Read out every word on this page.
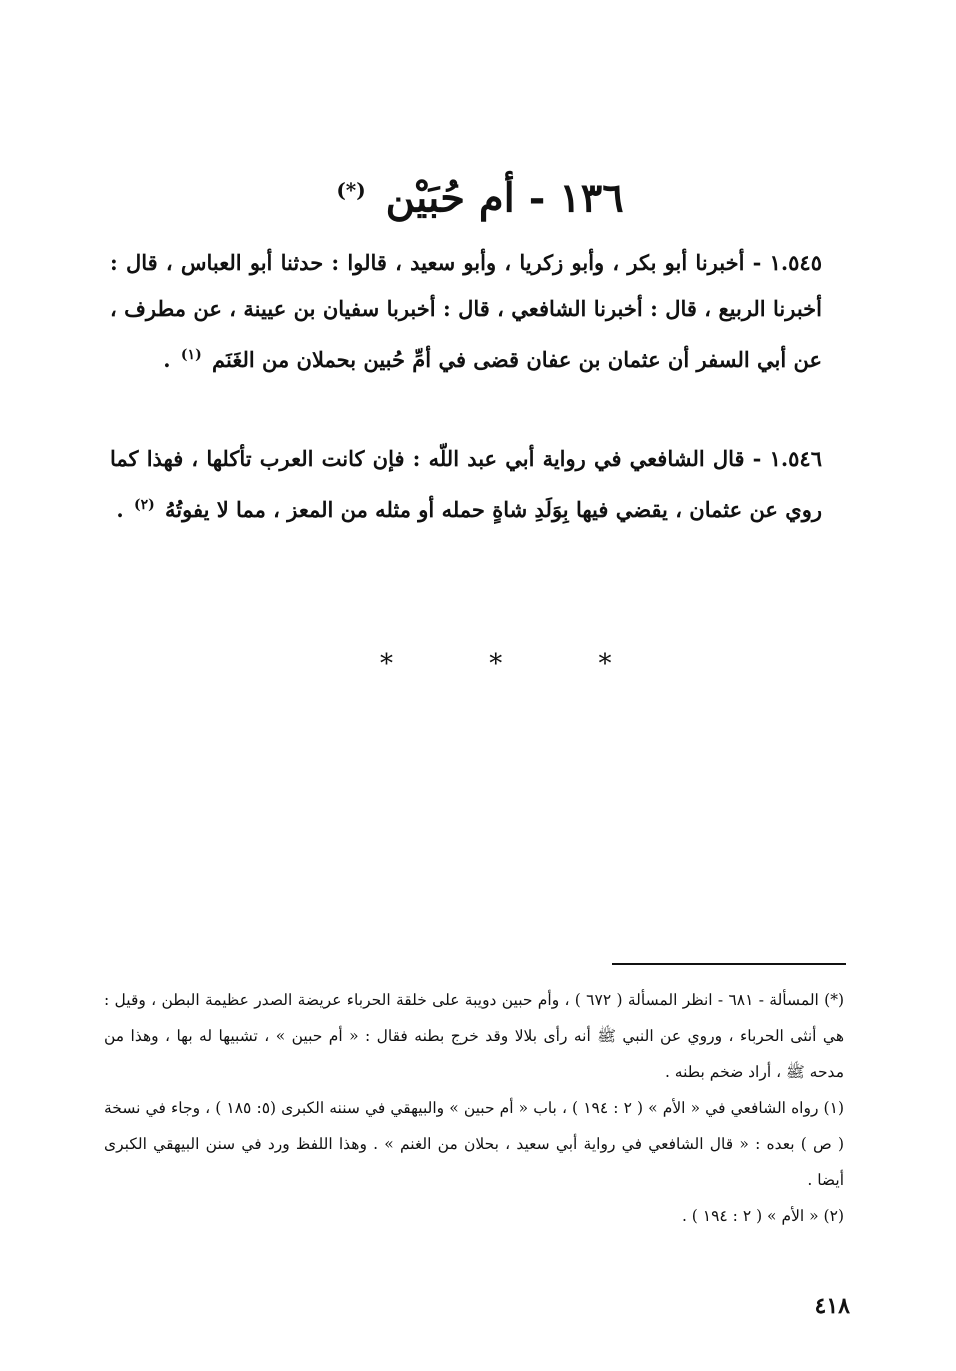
١٣٦ - أم حُبَيْن (*)

١.٥٤٥ - أخبرنا أبو بكر ، وأبو زكريا ، وأبو سعيد ، قالوا : حدثنا أبو العباس ، قال : أخبرنا الربيع ، قال : أخبرنا الشافعي ، قال : أخبربا سفيان بن عيينة ، عن مطرف ، عن أبي السفر أن عثمان بن عفان قضى في أمِّ حُبين بحملان من الغَنَم $^{(١)}$ .

١.٥٤٦ - قال الشافعي في رواية أبي عبد اللّه : فإن كانت العرب تأكلها ، فهذا كما روي عن عثمان ، يقضي فيها بِوَلَدِ شاةٍ حمله أو مثله من المعز ، مما لا يفوتُهُ $^{(٢)}$ .

* * *

(*) المسألة - ٦٨١ - انظر المسألة ( ٦٧٢ ) ، وأم حبين دويبة على خلقة الحرباء عريضة الصدر عظيمة البطن ، وقيل : هي أنثى الحرباء ، وروي عن النبي ﷺ أنه رأى بلالا وقد خرج بطنه فقال : « أم حبين » ، تشبيها له بها ، وهذا من مدحه ﷺ ، أراد ضخم بطنه .

(١) رواه الشافعي في « الأم » ( ٢ : ١٩٤ ) ، باب « أم حبين » والبيهقي في سننه الكبرى (٥: ١٨٥ ) ، وجاء في نسخة ( ص ) بعده : « قال الشافعي في رواية أبي سعيد ، بحلان من الغنم » . وهذا اللفظ ورد في سنن البيهقي الكبرى أيضا .

(٢) « الأم » ( ٢ : ١٩٤ ) .

٤١٨
